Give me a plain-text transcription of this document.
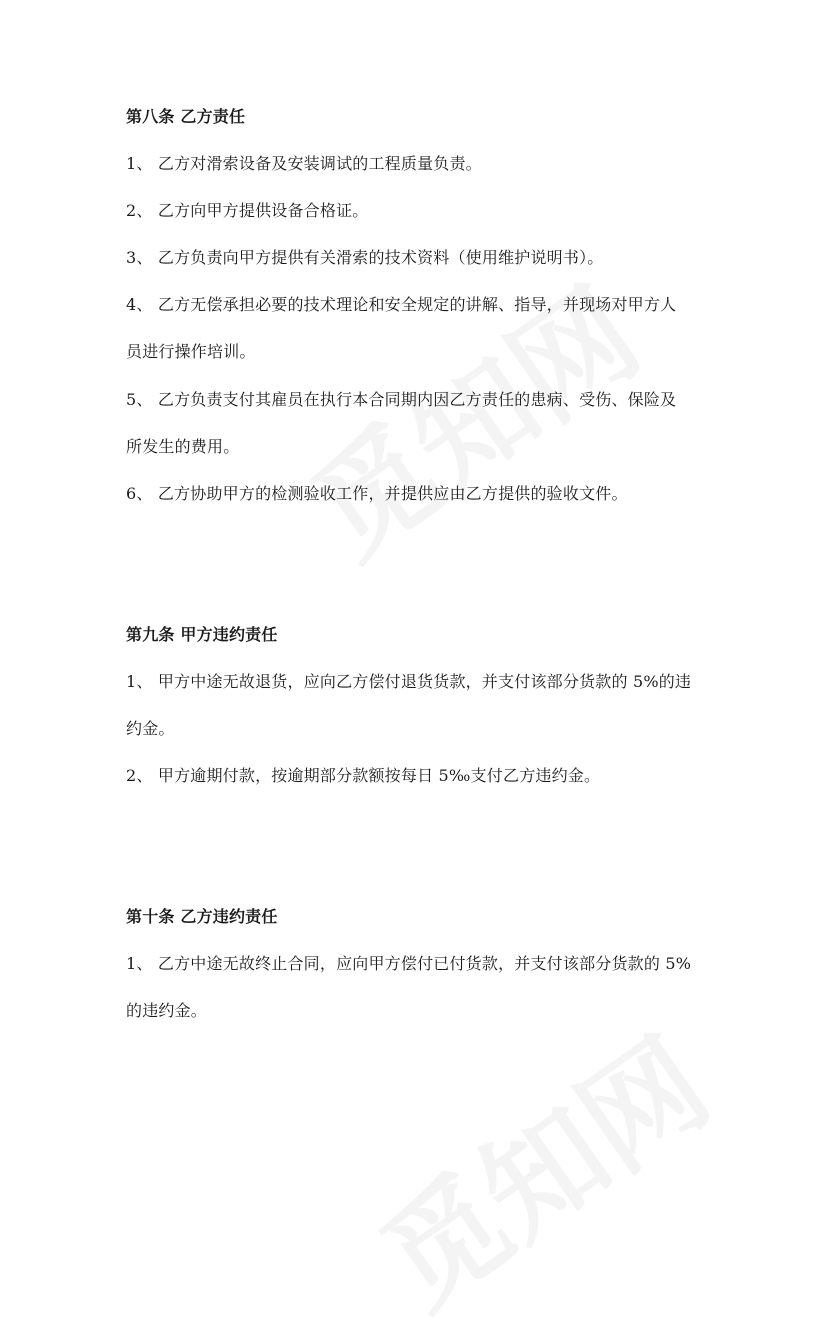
第八条 乙方责任
1、 乙方对滑索设备及安装调试的工程质量负责。
2、 乙方向甲方提供设备合格证。
3、 乙方负责向甲方提供有关滑索的技术资料（使用维护说明书）。
4、 乙方无偿承担必要的技术理论和安全规定的讲解、指导，并现场对甲方人
员进行操作培训。
5、 乙方负责支付其雇员在执行本合同期内因乙方责任的患病、受伤、保险及
所发生的费用。
6、 乙方协助甲方的检测验收工作，并提供应由乙方提供的验收文件。
第九条 甲方违约责任
1、 甲方中途无故退货，应向乙方偿付退货货款，并支付该部分货款的 5%的违
约金。
2、 甲方逾期付款，按逾期部分款额按每日 5‰支付乙方违约金。
第十条 乙方违约责任
1、 乙方中途无故终止合同，应向甲方偿付已付货款，并支付该部分货款的 5%
的违约金。
